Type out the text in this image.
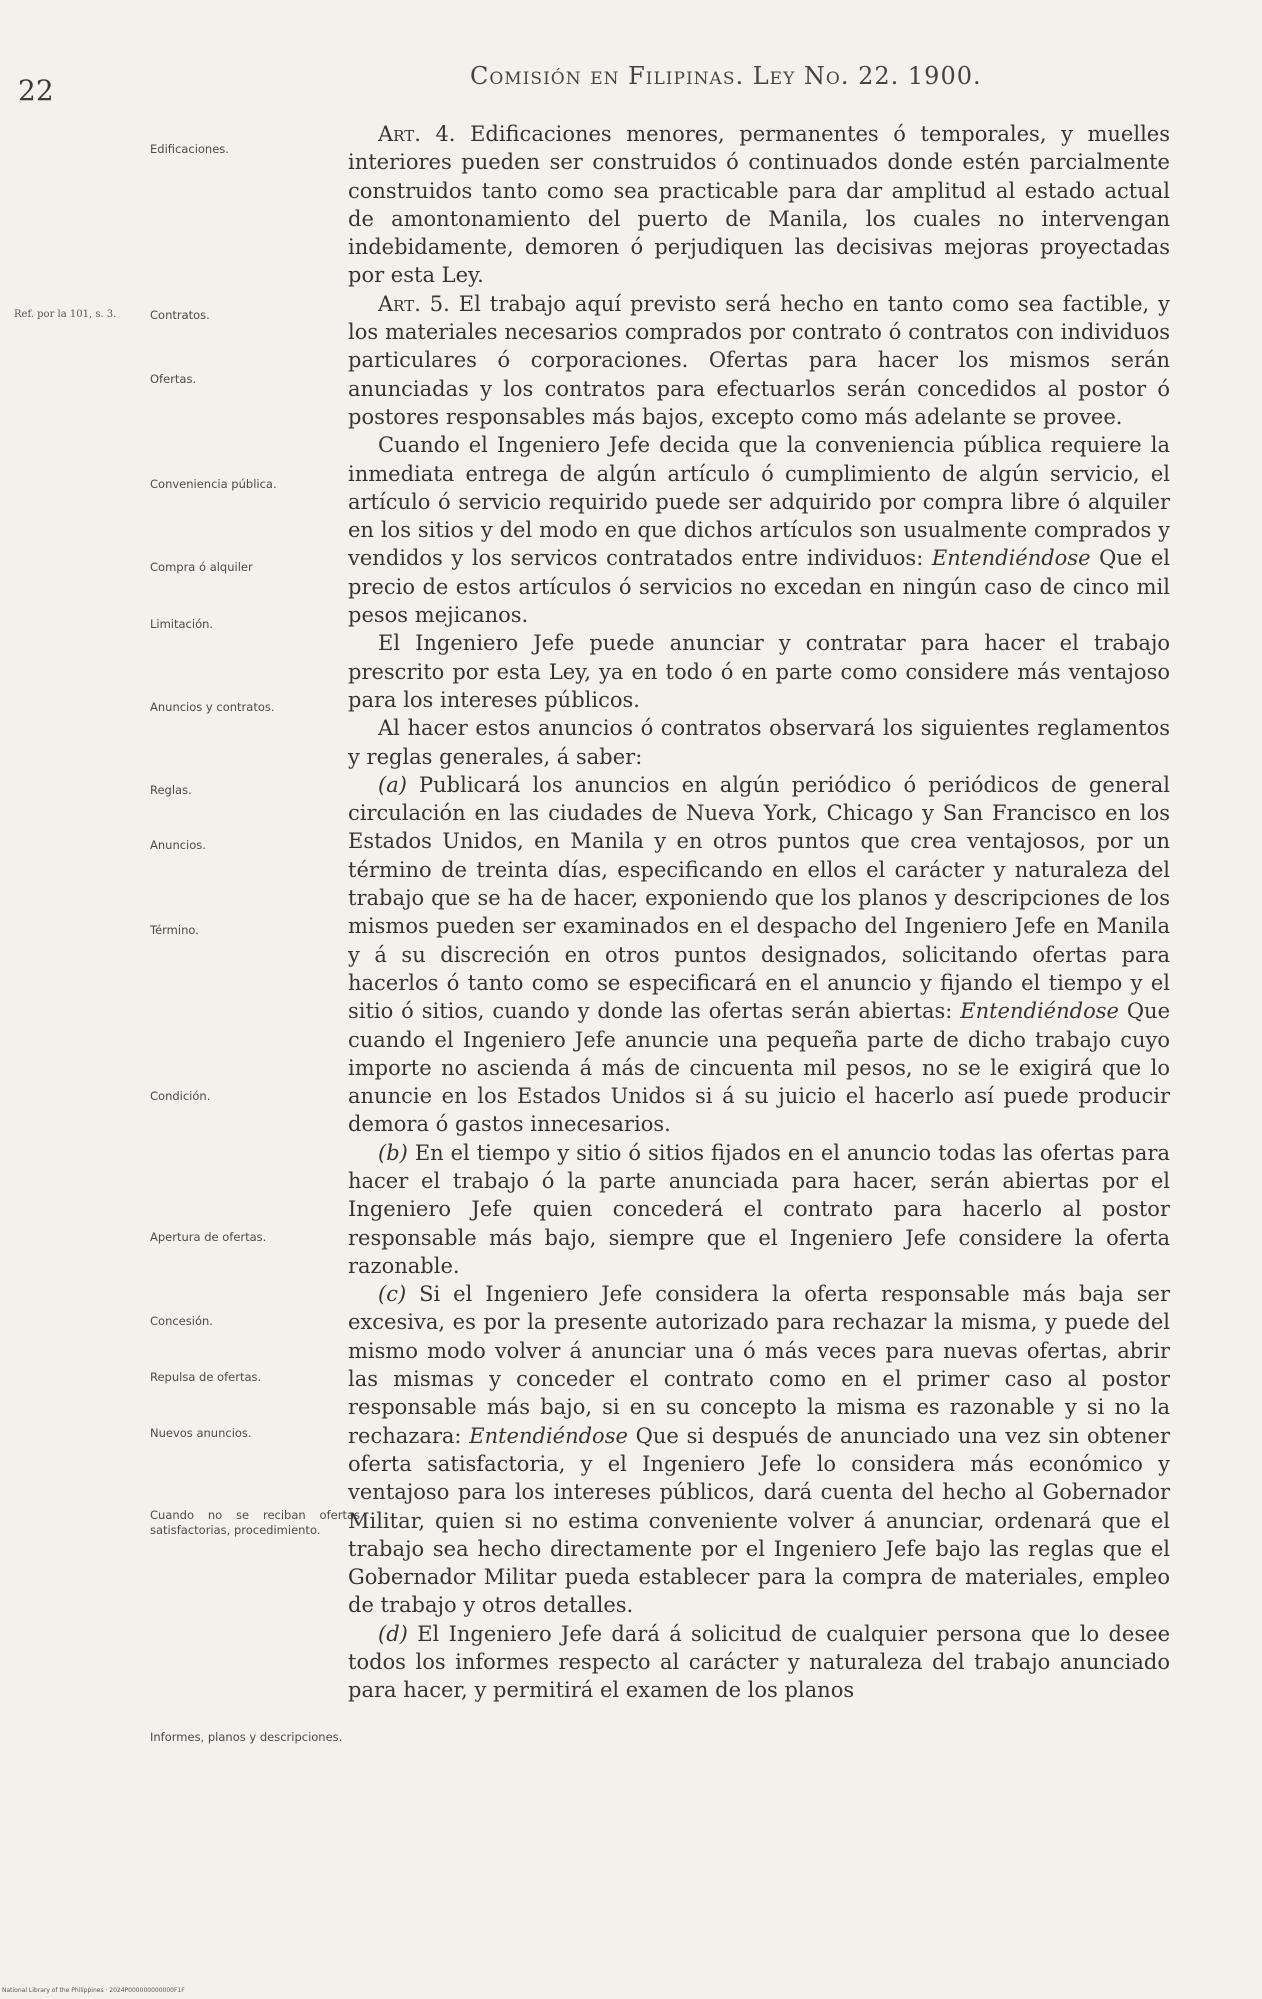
22	Comisión en Filipinas. Ley No. 22. 1900.
Ref. por la 101, s. 3.
Edificaciones.
Contratos.
Ofertas.
Conveniencia pública.
Compra ó alquiler
Limitación.
Anuncios y contratos.
Reglas.
Anuncios.
Término.
Condición.
Apertura de ofertas.
Concesión.
Repulsa de ofertas.
Nuevos anuncios.
Cuando no se reciban ofertas satisfactorias, procedimiento.
Informes, planos y descripciones.

Art. 4. Edificaciones menores, permanentes ó temporales, y muelles interiores pueden ser construidos ó continuados donde estén parcialmente construidos tanto como sea practicable para dar amplitud al estado actual de amontonamiento del puerto de Manila, los cuales no intervengan indebidamente, demoren ó perjudiquen las decisivas mejoras proyectadas por esta Ley.

Art. 5. El trabajo aquí previsto será hecho en tanto como sea factible, y los materiales necesarios comprados por contrato ó contratos con individuos particulares ó corporaciones. Ofertas para hacer los mismos serán anunciadas y los contratos para efectuarlos serán concedidos al postor ó postores responsables más bajos, excepto como más adelante se provee.

Cuando el Ingeniero Jefe decida que la conveniencia pública requiere la inmediata entrega de algún artículo ó cumplimiento de algún servicio, el artículo ó servicio requirido puede ser adquirido por compra libre ó alquiler en los sitios y del modo en que dichos artículos son usualmente comprados y vendidos y los servicos contratados entre individuos: Entendiéndose Que el precio de estos artículos ó servicios no excedan en ningún caso de cinco mil pesos mejicanos.

El Ingeniero Jefe puede anunciar y contratar para hacer el trabajo prescrito por esta Ley, ya en todo ó en parte como considere más ventajoso para los intereses públicos.

Al hacer estos anuncios ó contratos observará los siguientes reglamentos y reglas generales, á saber:

(a) Publicará los anuncios en algún periódico ó periódicos de general circulación en las ciudades de Nueva York, Chicago y San Francisco en los Estados Unidos, en Manila y en otros puntos que crea ventajosos, por un término de treinta días, especificando en ellos el carácter y naturaleza del trabajo que se ha de hacer, exponiendo que los planos y descripciones de los mismos pueden ser examinados en el despacho del Ingeniero Jefe en Manila y á su discreción en otros puntos designados, solicitando ofertas para hacerlos ó tanto como se especificará en el anuncio y fijando el tiempo y el sitio ó sitios, cuando y donde las ofertas serán abiertas: Entendiéndose Que cuando el Ingeniero Jefe anuncie una pequeña parte de dicho trabajo cuyo importe no ascienda á más de cincuenta mil pesos, no se le exigirá que lo anuncie en los Estados Unidos si á su juicio el hacerlo así puede producir demora ó gastos innecesarios.

(b) En el tiempo y sitio ó sitios fijados en el anuncio todas las ofertas para hacer el trabajo ó la parte anunciada para hacer, serán abiertas por el Ingeniero Jefe quien concederá el contrato para hacerlo al postor responsable más bajo, siempre que el Ingeniero Jefe considere la oferta razonable.

(c) Si el Ingeniero Jefe considera la oferta responsable más baja ser excesiva, es por la presente autorizado para rechazar la misma, y puede del mismo modo volver á anunciar una ó más veces para nuevas ofertas, abrir las mismas y conceder el contrato como en el primer caso al postor responsable más bajo, si en su concepto la misma es razonable y si no la rechazara: Entendiéndose Que si después de anunciado una vez sin obtener oferta satisfactoria, y el Ingeniero Jefe lo considera más económico y ventajoso para los intereses públicos, dará cuenta del hecho al Gobernador Militar, quien si no estima conveniente volver á anunciar, ordenará que el trabajo sea hecho directamente por el Ingeniero Jefe bajo las reglas que el Gobernador Militar pueda establecer para la compra de materiales, empleo de trabajo y otros detalles.

(d) El Ingeniero Jefe dará á solicitud de cualquier persona que lo desee todos los informes respecto al carácter y naturaleza del trabajo anunciado para hacer, y permitirá el examen de los planos

National Library of the Philippines · 2024P000000000000F1F
